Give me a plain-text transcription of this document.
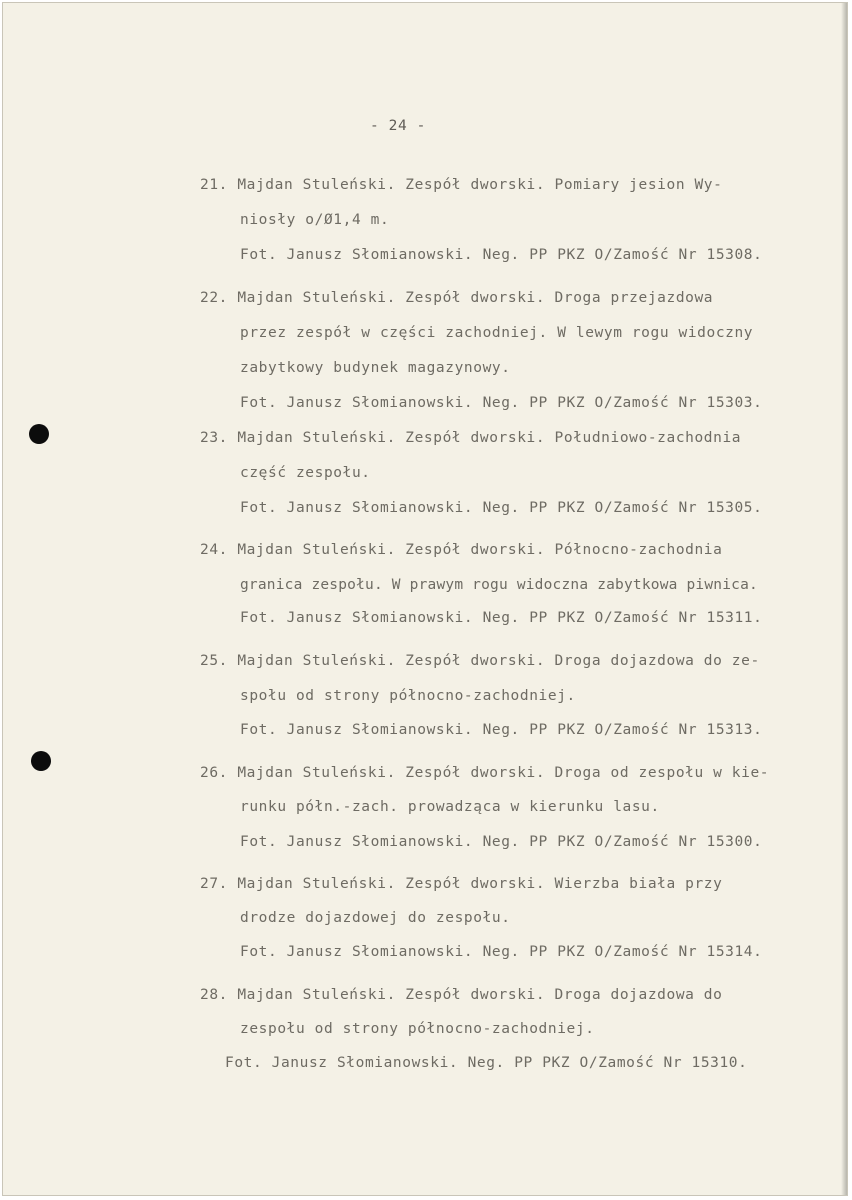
- 24 -

21. Majdan Stuleński. Zespół dworski. Pomiary jesion Wy-

niosły o/Ø1,4 m.

Fot. Janusz Słomianowski. Neg. PP PKZ O/Zamość Nr 15308.

22. Majdan Stuleński. Zespół dworski. Droga przejazdowa

przez zespół w części zachodniej. W lewym rogu widoczny

zabytkowy budynek magazynowy.

Fot. Janusz Słomianowski. Neg. PP PKZ O/Zamość Nr 15303.

23. Majdan Stuleński. Zespół dworski. Południowo-zachodnia

część zespołu.

Fot. Janusz Słomianowski. Neg. PP PKZ O/Zamość Nr 15305.

24. Majdan Stuleński. Zespół dworski. Północno-zachodnia

granica zespołu. W prawym rogu widoczna zabytkowa piwnica.

Fot. Janusz Słomianowski. Neg. PP PKZ O/Zamość Nr 15311.

25. Majdan Stuleński. Zespół dworski. Droga dojazdowa do ze-

społu od strony północno-zachodniej.

Fot. Janusz Słomianowski. Neg. PP PKZ O/Zamość Nr 15313.

26. Majdan Stuleński. Zespół dworski. Droga od zespołu w kie-

runku półn.-zach. prowadząca w kierunku lasu.

Fot. Janusz Słomianowski. Neg. PP PKZ O/Zamość Nr 15300.

27. Majdan Stuleński. Zespół dworski. Wierzba biała przy

drodze dojazdowej do zespołu.

Fot. Janusz Słomianowski. Neg. PP PKZ O/Zamość Nr 15314.

28. Majdan Stuleński. Zespół dworski. Droga dojazdowa do

zespołu od strony północno-zachodniej.

Fot. Janusz Słomianowski. Neg. PP PKZ O/Zamość Nr 15310.
